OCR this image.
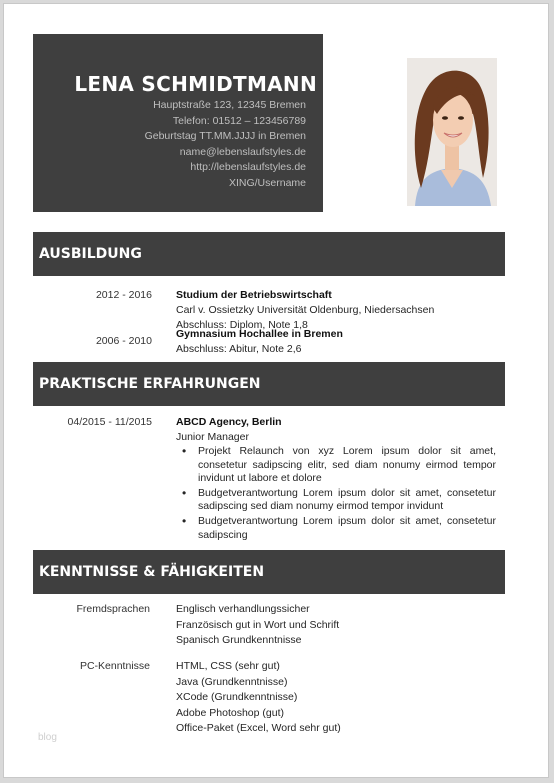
LENA SCHMIDTMANN
Hauptstraße 123, 12345 Bremen
Telefon: 01512 – 123456789
Geburtstag TT.MM.JJJJ in Bremen
name@lebenslaufstyles.de
http://lebenslaufstyles.de
XING/Username
AUSBILDUNG
2012 - 2016 Studium der Betriebswirtschaft
Carl v. Ossietzky Universität Oldenburg, Niedersachsen
Abschluss: Diplom, Note 1,8
2006 - 2010
Gymnasium Hochallee in Bremen
Abschluss: Abitur, Note 2,6
PRAKTISCHE ERFAHRUNGEN
04/2015 - 11/2015 ABCD Agency, Berlin
Junior Manager
• Projekt Relaunch von xyz Lorem ipsum dolor sit amet, consetetur sadipscing elitr, sed diam nonumy eirmod tempor invidunt ut labore et dolore
• Budgetverantwortung Lorem ipsum dolor sit amet, consetetur sadipscing sed diam nonumy eirmod tempor invidunt
• Budgetverantwortung Lorem ipsum dolor sit amet, consetetur sadipscing
KENNTNISSE & FÄHIGKEITEN
Fremdsprachen Englisch verhandlungssicher
Französisch gut in Wort und Schrift
Spanisch Grundkenntnisse
PC-Kenntnisse HTML, CSS (sehr gut)
Java (Grundkenntnisse)
XCode (Grundkenntnisse)
Adobe Photoshop (gut)
Office-Paket (Excel, Word sehr gut)
blog
